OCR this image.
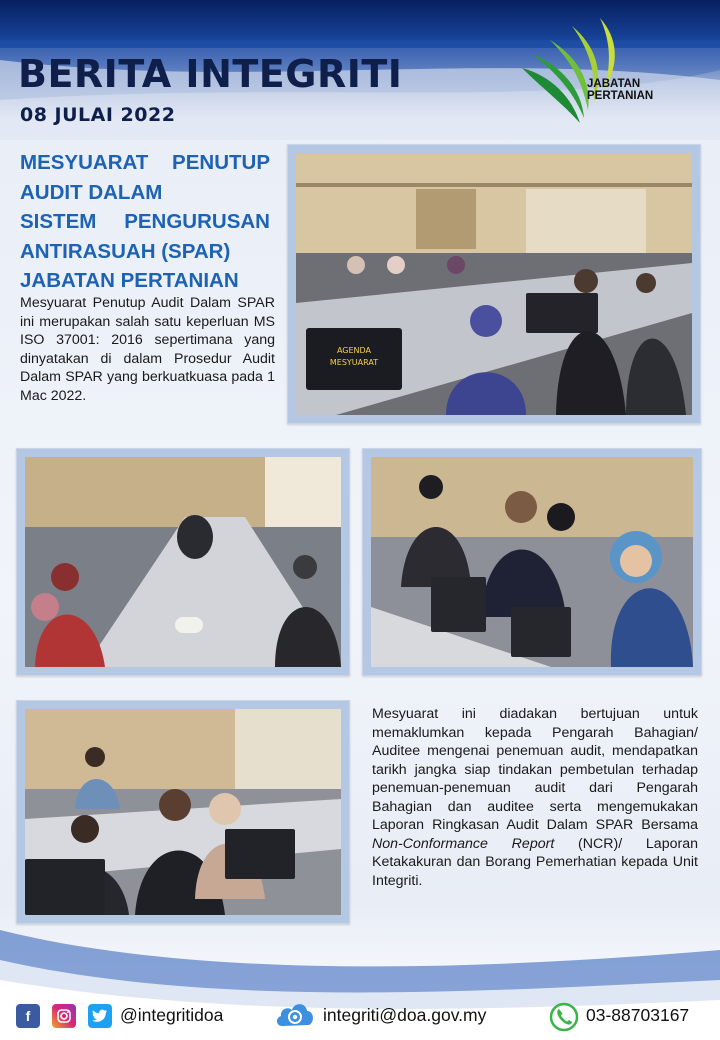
BERITA INTEGRITI
08 JULAI 2022
JABATAN
PERTANIAN
MESYUARAT PENUTUP
AUDIT DALAM
SISTEM PENGURUSAN
ANTIRASUAH (SPAR)
JABATAN PERTANIAN

Mesyuarat Penutup Audit Dalam SPAR ini merupakan salah satu keperluan MS ISO 37001: 2016 sepertimana yang dinyatakan di dalam Prosedur Audit Dalam SPAR yang berkuatkuasa pada 1 Mac 2022.

AGENDA
MESYUARAT

Mesyuarat ini diadakan bertujuan untuk memaklumkan kepada Pengarah Bahagian/ Auditee mengenai penemuan audit, mendapatkan tarikh jangka siap tindakan pembetulan terhadap penemuan-penemuan audit dari Pengarah Bahagian dan auditee serta mengemukakan Laporan Ringkasan Audit Dalam SPAR Bersama Non-Conformance Report (NCR)/ Laporan Ketakakuran dan Borang Pemerhatian kepada Unit Integriti.

f	@integritidoa	integriti@doa.gov.my	03-88703167
